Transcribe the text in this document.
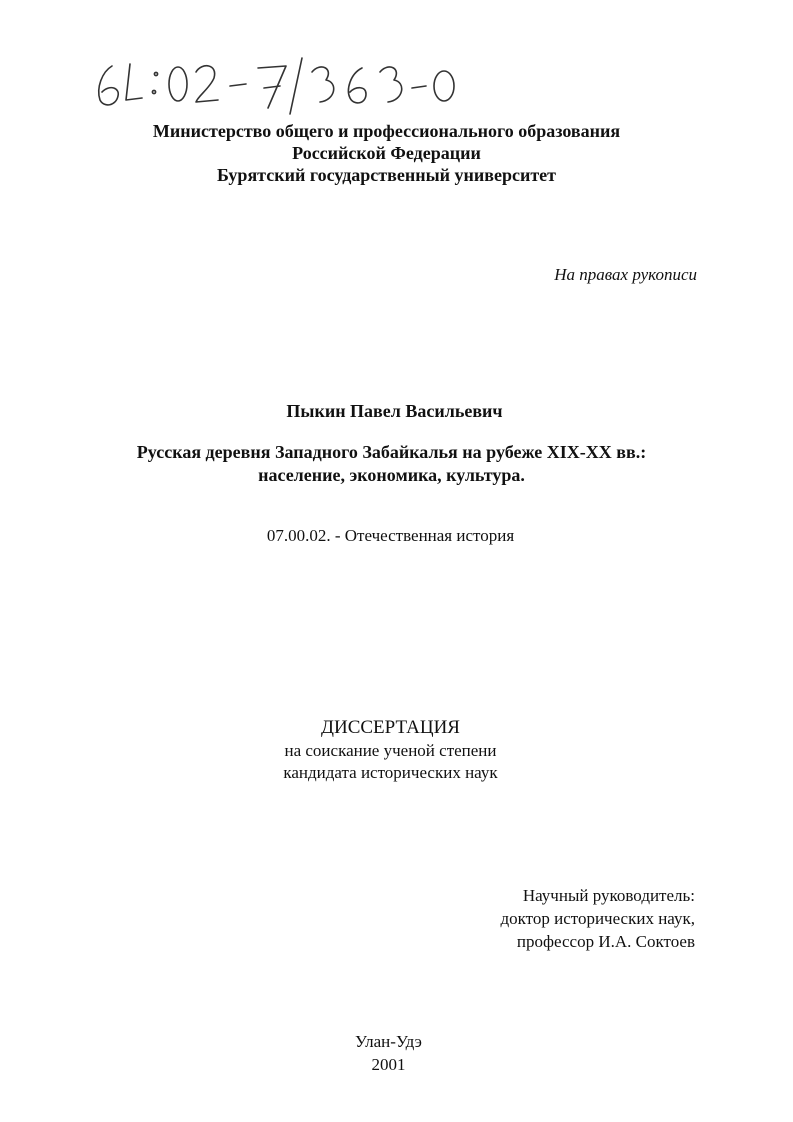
Министерство общего и профессионального образования
Российской Федерации
Бурятский государственный университет
На правах рукописи
Пыкин Павел Васильевич
Русская деревня Западного Забайкалья на рубеже XIX-XX вв.:
население, экономика, культура.
07.00.02. - Отечественная история
ДИССЕРТАЦИЯ
на соискание ученой степени
кандидата исторических наук
Научный руководитель:
доктор исторических наук,
профессор И.А. Соктоев
Улан-Удэ
2001
